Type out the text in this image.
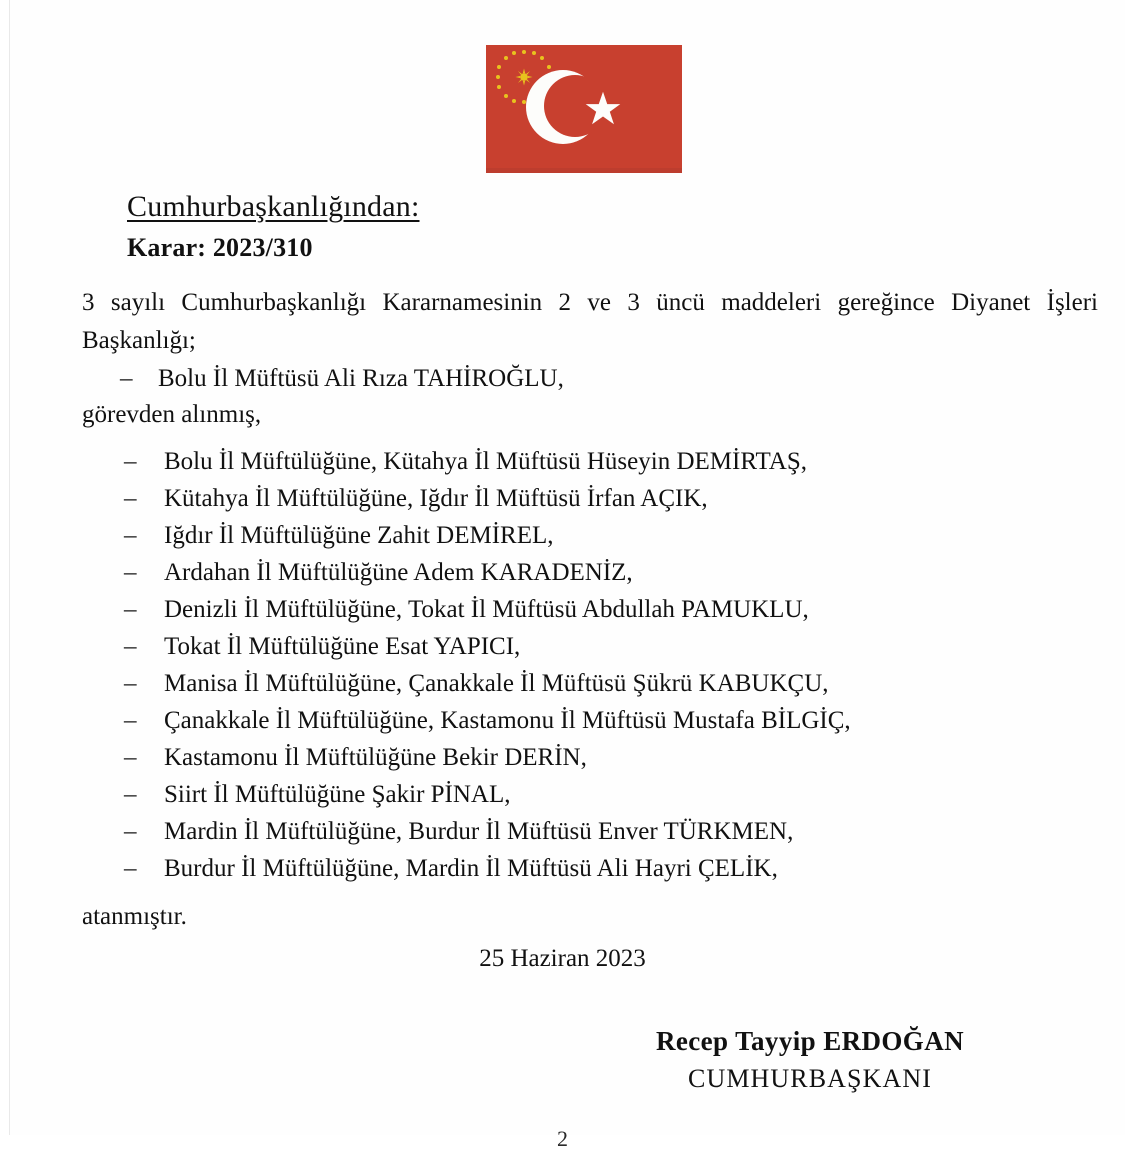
Cumhurbaşkanlığından:
Karar: 2023/310
3 sayılı Cumhurbaşkanlığı Kararnamesinin 2 ve 3 üncü maddeleri gereğince Diyanet İşleri Başkanlığı;
– Bolu İl Müftüsü Ali Rıza TAHİROĞLU,
görevden alınmış,
– Bolu İl Müftülüğüne, Kütahya İl Müftüsü Hüseyin DEMİRTAŞ,
– Kütahya İl Müftülüğüne, Iğdır İl Müftüsü İrfan AÇIK,
– Iğdır İl Müftülüğüne Zahit DEMİREL,
– Ardahan İl Müftülüğüne Adem KARADENİZ,
– Denizli İl Müftülüğüne, Tokat İl Müftüsü Abdullah PAMUKLU,
– Tokat İl Müftülüğüne Esat YAPICI,
– Manisa İl Müftülüğüne, Çanakkale İl Müftüsü Şükrü KABUKÇU,
– Çanakkale İl Müftülüğüne, Kastamonu İl Müftüsü Mustafa BİLGİÇ,
– Kastamonu İl Müftülüğüne Bekir DERİN,
– Siirt İl Müftülüğüne Şakir PİNAL,
– Mardin İl Müftülüğüne, Burdur İl Müftüsü Enver TÜRKMEN,
– Burdur İl Müftülüğüne, Mardin İl Müftüsü Ali Hayri ÇELİK,
atanmıştır.
25 Haziran 2023
Recep Tayyip ERDOĞAN
CUMHURBAŞKANI
2
